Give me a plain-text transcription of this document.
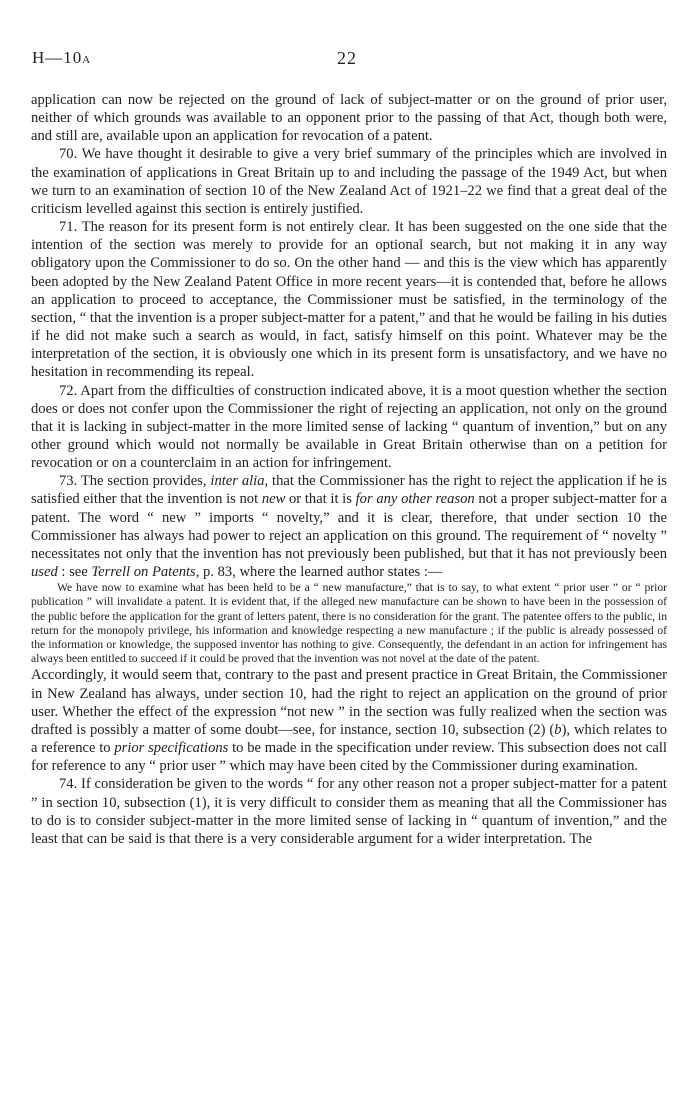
H—10A	22

application can now be rejected on the ground of lack of subject-matter or on the ground of prior user, neither of which grounds was available to an opponent prior to the passing of that Act, though both were, and still are, available upon an application for revocation of a patent.

70. We have thought it desirable to give a very brief summary of the principles which are involved in the examination of applications in Great Britain up to and including the passage of the 1949 Act, but when we turn to an examination of section 10 of the New Zealand Act of 1921–22 we find that a great deal of the criticism levelled against this section is entirely justified.

71. The reason for its present form is not entirely clear. It has been suggested on the one side that the intention of the section was merely to provide for an optional search, but not making it in any way obligatory upon the Commissioner to do so. On the other hand — and this is the view which has apparently been adopted by the New Zealand Patent Office in more recent years—it is contended that, before he allows an application to proceed to acceptance, the Commissioner must be satisfied, in the terminology of the section, “ that the invention is a proper subject-matter for a patent,” and that he would be failing in his duties if he did not make such a search as would, in fact, satisfy himself on this point. Whatever may be the interpretation of the section, it is obviously one which in its present form is unsatisfactory, and we have no hesitation in recommending its repeal.

72. Apart from the difficulties of construction indicated above, it is a moot question whether the section does or does not confer upon the Commissioner the right of rejecting an application, not only on the ground that it is lacking in subject-matter in the more limited sense of lacking “ quantum of invention,” but on any other ground which would not normally be available in Great Britain otherwise than on a petition for revocation or on a counterclaim in an action for infringement.

73. The section provides, inter alia, that the Commissioner has the right to reject the application if he is satisfied either that the invention is not new or that it is for any other reason not a proper subject-matter for a patent. The word “ new ” imports “ novelty,” and it is clear, therefore, that under section 10 the Commissioner has always had power to reject an application on this ground. The requirement of “ novelty ” necessitates not only that the invention has not previously been published, but that it has not previously been used : see Terrell on Patents, p. 83, where the learned author states :—

We have now to examine what has been held to be a “ new manufacture,” that is to say, to what extent “ prior user ” or “ prior publication ” will invalidate a patent. It is evident that, if the alleged new manufacture can be shown to have been in the possession of the public before the application for the grant of letters patent, there is no consideration for the grant. The patentee offers to the public, in return for the monopoly privilege, his information and knowledge respecting a new manufacture ; if the public is already possessed of the information or knowledge, the supposed inventor has nothing to give. Consequently, the defendant in an action for infringement has always been entitled to succeed if it could be proved that the invention was not novel at the date of the patent.

Accordingly, it would seem that, contrary to the past and present practice in Great Britain, the Commissioner in New Zealand has always, under section 10, had the right to reject an application on the ground of prior user. Whether the effect of the expression “not new ” in the section was fully realized when the section was drafted is possibly a matter of some doubt—see, for instance, section 10, subsection (2) (b), which relates to a reference to prior specifications to be made in the specification under review. This subsection does not call for reference to any “ prior user ” which may have been cited by the Commissioner during examination.

74. If consideration be given to the words “ for any other reason not a proper subject-matter for a patent ” in section 10, subsection (1), it is very difficult to consider them as meaning that all the Commissioner has to do is to consider subject-matter in the more limited sense of lacking in “ quantum of invention,” and the least that can be said is that there is a very considerable argument for a wider interpretation. The
